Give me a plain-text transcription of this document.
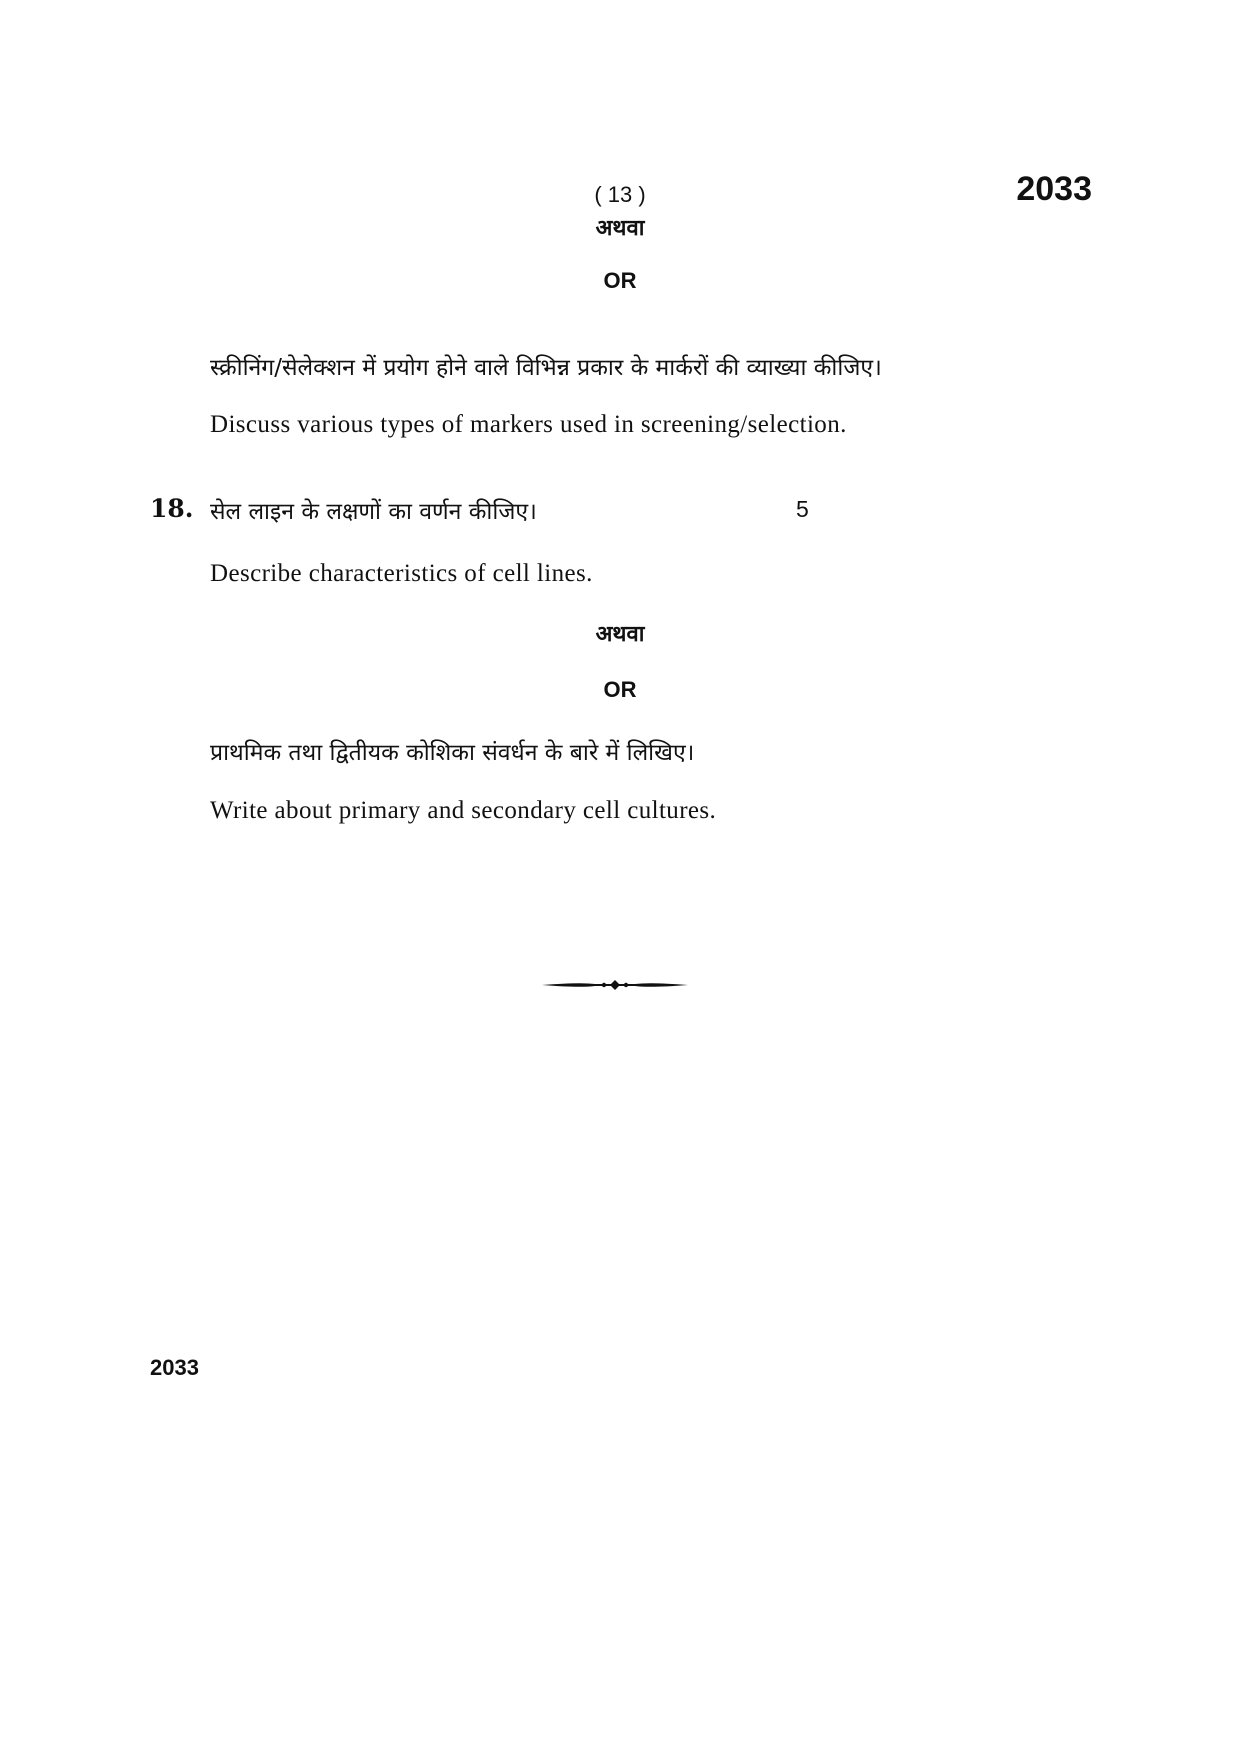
( 13 )	2033
अथवा
OR
स्क्रीनिंग/सेलेक्शन में प्रयोग होने वाले विभिन्न प्रकार के मार्करों की व्याख्या कीजिए।
Discuss various types of markers used in screening/selection.
18. सेल लाइन के लक्षणों का वर्णन कीजिए।	5
Describe characteristics of cell lines.
अथवा
OR
प्राथमिक तथा द्वितीयक कोशिका संवर्धन के बारे में लिखिए।
Write about primary and secondary cell cultures.
2033
